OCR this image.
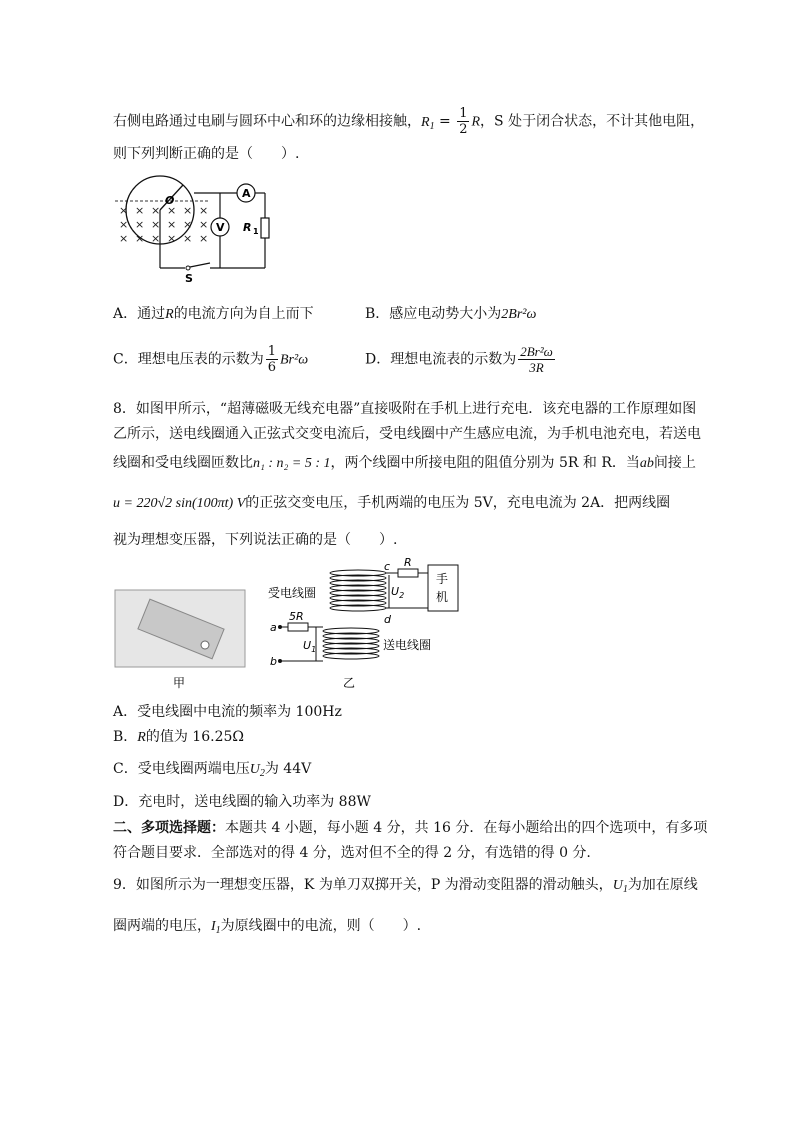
右侧电路通过电刷与圆环中心和环的边缘相接触，$R_1 = \frac{1}{2}$ R，S 处于闭合状态，不计其他电阻，
则下列判断正确的是（　　）.
× × × × × ×
× × × × × ×
× × × × × ×
O
A
V R 1
S
A．通过R的电流方向为自上而下	B．感应电动势大小为2Br²ω
C．理想电压表的示数为 $\frac{1}{6} Br^2\omega$	D．理想电流表的示数为 $\frac{\text{2Br²ω}}{3R}$
8．如图甲所示，“超薄磁吸无线充电器”直接吸附在手机上进行充电．该充电器的工作原理如图
乙所示，送电线圈通入正弦式交变电流后，受电线圈中产生感应电流，为手机电池充电，若送电
线圈和受电线圈匝数比n₁ : n₂ = 5 : 1，两个线圈中所接电阻的阻值分别为 5R 和 R．当ab间接上
u = 220√2 sin(100πt) V的正弦交变电压，手机两端的电压为 5V，充电电流为 2A．把两线圈
视为理想变压器，下列说法正确的是（　　）.
甲
受电线圈
手
机
c
d
R
$U_2$
送电线圈
a
b
5R
$U_1$
乙
A．受电线圈中电流的频率为 100Hz
B．R的值为 16.25Ω
C．受电线圈两端电压$U_2$为 44V
D．充电时，送电线圈的输入功率为 88W
二、多项选择题：本题共 4 小题，每小题 4 分，共 16 分．在每小题给出的四个选项中，有多项
符合题目要求．全部选对的得 4 分，选对但不全的得 2 分，有选错的得 0 分.
9．如图所示为一理想变压器，K 为单刀双掷开关，P 为滑动变阻器的滑动触头，$U_1$为加在原线
圈两端的电压，$I_1$为原线圈中的电流，则（　　）.
